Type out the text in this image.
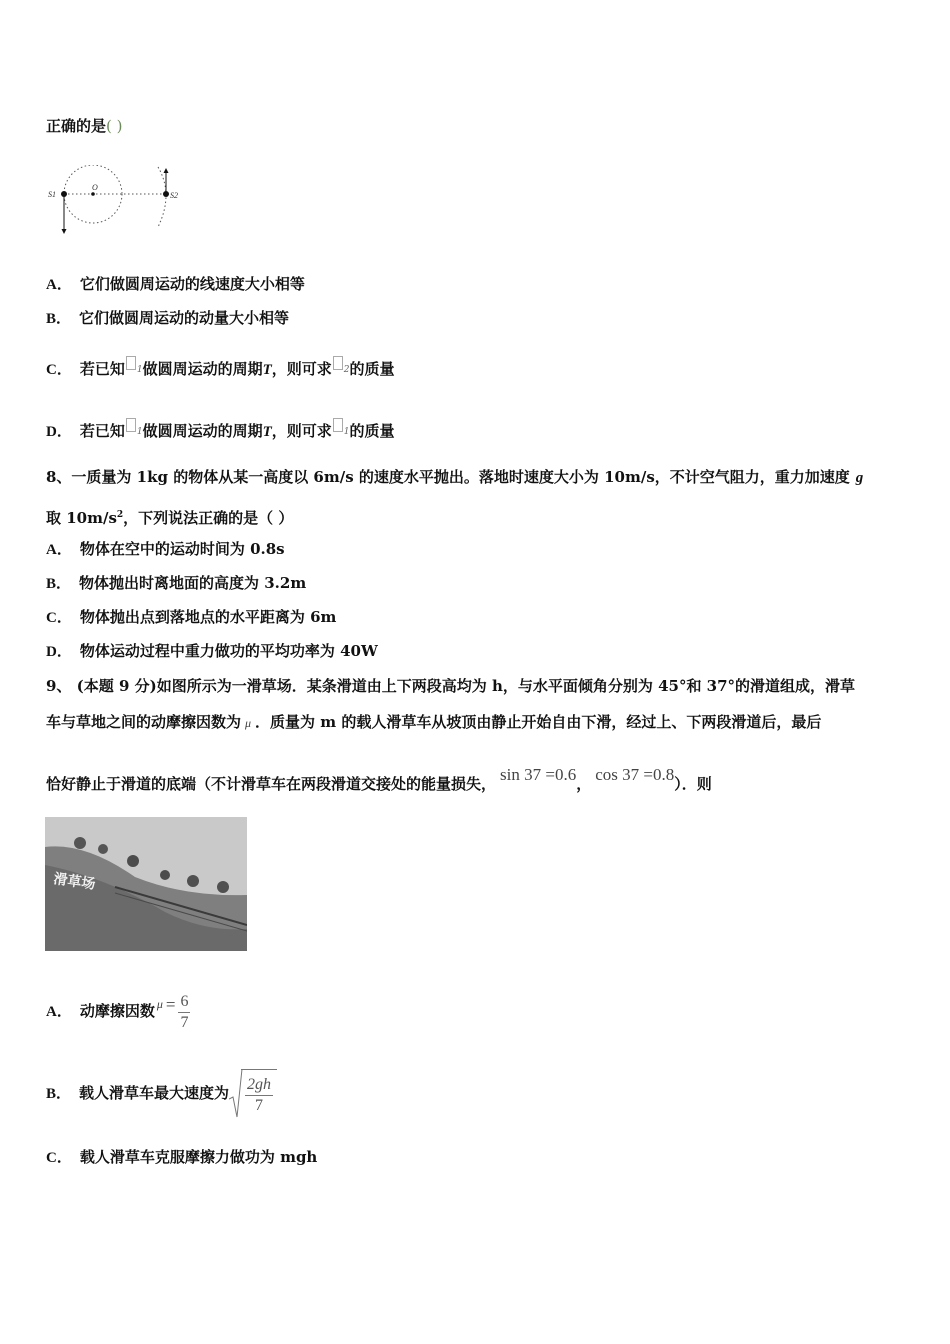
正确的是( )
S1
O
S2
A． 它们做圆周运动的线速度大小相等
B． 它们做圆周运动的动量大小相等
C． 若已知 $^1$做圆周运动的周期T，则可求 $^2$的质量
D． 若已知 $^1$做圆周运动的周期T，则可求 $^1$的质量
8、一质量为 1kg 的物体从某一高度以 6m/s 的速度水平抛出。落地时速度大小为 10m/s，不计空气阻力，重力加速度 g
取 $10m/s^2$，下列说法正确的是（ ）
A． 物体在空中的运动时间为 0.8s
B． 物体抛出时离地面的高度为 3.2m
C． 物体抛出点到落地点的水平距离为 6m
D． 物体运动过程中重力做功的平均功率为 40W
9、 (本题 9 分)如图所示为一滑草场．某条滑道由上下两段高均为 h，与水平面倾角分别为 45°和 37°的滑道组成，滑草
车与草地之间的动摩擦因数为 μ ．质量为 m 的载人滑草车从坡顶由静止开始自由下滑，经过上、下两段滑道后，最后
恰好静止于滑道的底端（不计滑草车在两段滑道交接处的能量损失， sin 37 =0.6， cos 37 =0.8）．则
滑草场
A． 动摩擦因数 $^\mu = \frac{6}{7}$
B． 载人滑草车最大速度为 $\frac{2gh}{7}$
C． 载人滑草车克服摩擦力做功为 mgh
